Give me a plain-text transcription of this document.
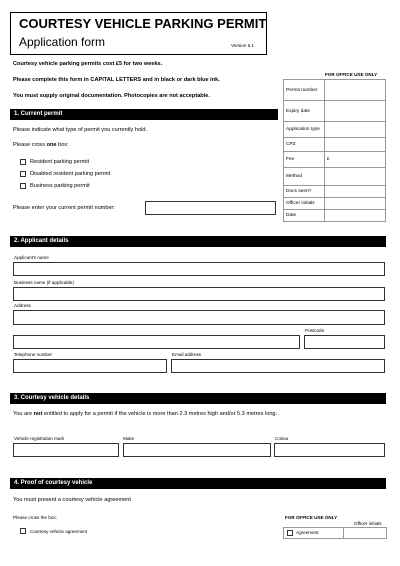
COURTESY VEHICLE PARKING PERMIT
Application form	Version 6.1
Courtesy vehicle parking permits cost £5 for two weeks.
Please complete this form in CAPITAL LETTERS and in black or dark blue ink.
You must supply original documentation. Photocopies are not acceptable.
FOR OFFICE USE ONLY
Permit number	
Expiry date	
Application type	
CPZ	
Fee	£
Method	
Docs seen?	
Officer initials	
Date	
1. Current permit
Please indicate what type of permit you currently hold.
Please cross one box:
Resident parking permit
Disabled resident parking permit
Business parking permit
Please enter your current permit number:
2. Applicant details
Applicant's name
Business name (if applicable)
Address
Postcode
Telephone number	Email address
3. Courtesy vehicle details
You are not entitled to apply for a permit if the vehicle is more than 2.3 metres high and/or 5.3 metres long.
Vehicle registration mark	Make	Colour
4. Proof of courtesy vehicle
You must present a courtesy vehicle agreement
Please cross the box:
Courtesy vehicle agreement
FOR OFFICE USE ONLY
Officer initials
Agreement
